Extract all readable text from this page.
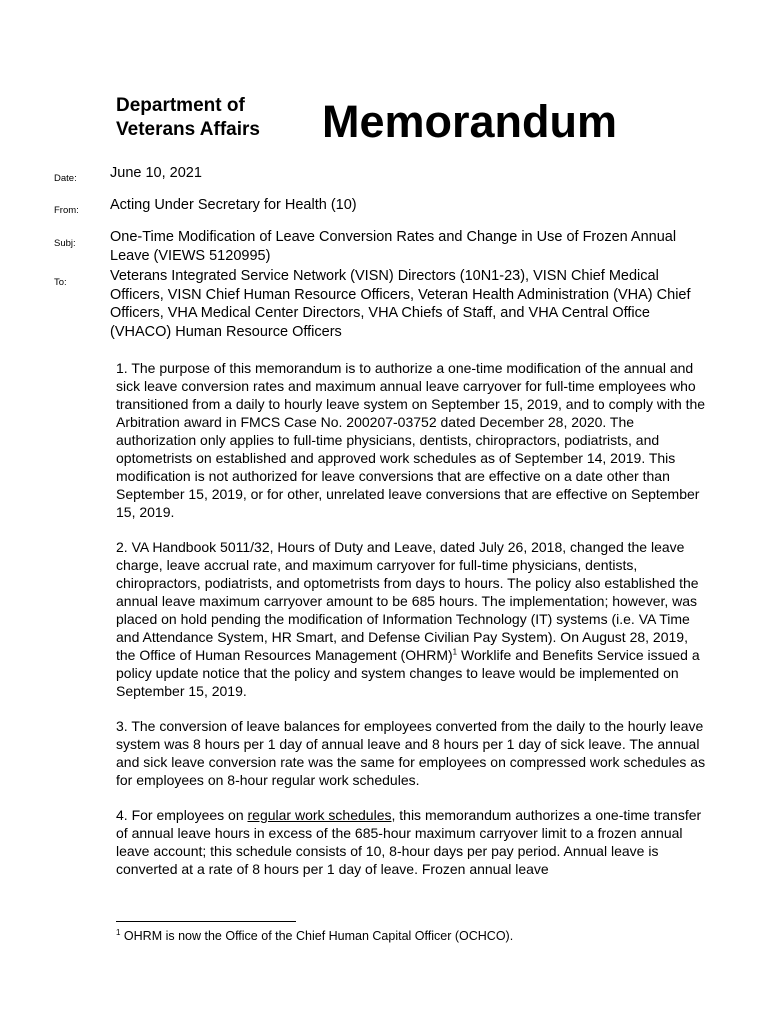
Department of
Veterans Affairs Memorandum
Date: June 10, 2021
From: Acting Under Secretary for Health (10)
Subj: One-Time Modification of Leave Conversion Rates and Change in Use of Frozen Annual Leave (VIEWS 5120995)
To:	Veterans Integrated Service Network (VISN) Directors (10N1-23), VISN Chief Medical Officers, VISN Chief Human Resource Officers, Veteran Health Administration (VHA) Chief Officers, VHA Medical Center Directors, VHA Chiefs of Staff, and VHA Central Office (VHACO) Human Resource Officers

1. The purpose of this memorandum is to authorize a one-time modification of the annual and sick leave conversion rates and maximum annual leave carryover for full-time employees who transitioned from a daily to hourly leave system on September 15, 2019, and to comply with the Arbitration award in FMCS Case No. 200207-03752 dated December 28, 2020. The authorization only applies to full-time physicians, dentists, chiropractors, podiatrists, and optometrists on established and approved work schedules as of September 14, 2019. This modification is not authorized for leave conversions that are effective on a date other than September 15, 2019, or for other, unrelated leave conversions that are effective on September 15, 2019.

2. VA Handbook 5011/32, Hours of Duty and Leave, dated July 26, 2018, changed the leave charge, leave accrual rate, and maximum carryover for full-time physicians, dentists, chiropractors, podiatrists, and optometrists from days to hours. The policy also established the annual leave maximum carryover amount to be 685 hours. The implementation; however, was placed on hold pending the modification of Information Technology (IT) systems (i.e. VA Time and Attendance System, HR Smart, and Defense Civilian Pay System). On August 28, 2019, the Office of Human Resources Management (OHRM)$^1$ Worklife and Benefits Service issued a policy update notice that the policy and system changes to leave would be implemented on September 15, 2019.

3. The conversion of leave balances for employees converted from the daily to the hourly leave system was 8 hours per 1 day of annual leave and 8 hours per 1 day of sick leave. The annual and sick leave conversion rate was the same for employees on compressed work schedules as for employees on 8-hour regular work schedules.

4. For employees on regular work schedules, this memorandum authorizes a one-time transfer of annual leave hours in excess of the 685-hour maximum carryover limit to a frozen annual leave account; this schedule consists of 10, 8-hour days per pay period. Annual leave is converted at a rate of 8 hours per 1 day of leave. Frozen annual leave

$^1$ OHRM is now the Office of the Chief Human Capital Officer (OCHCO).
